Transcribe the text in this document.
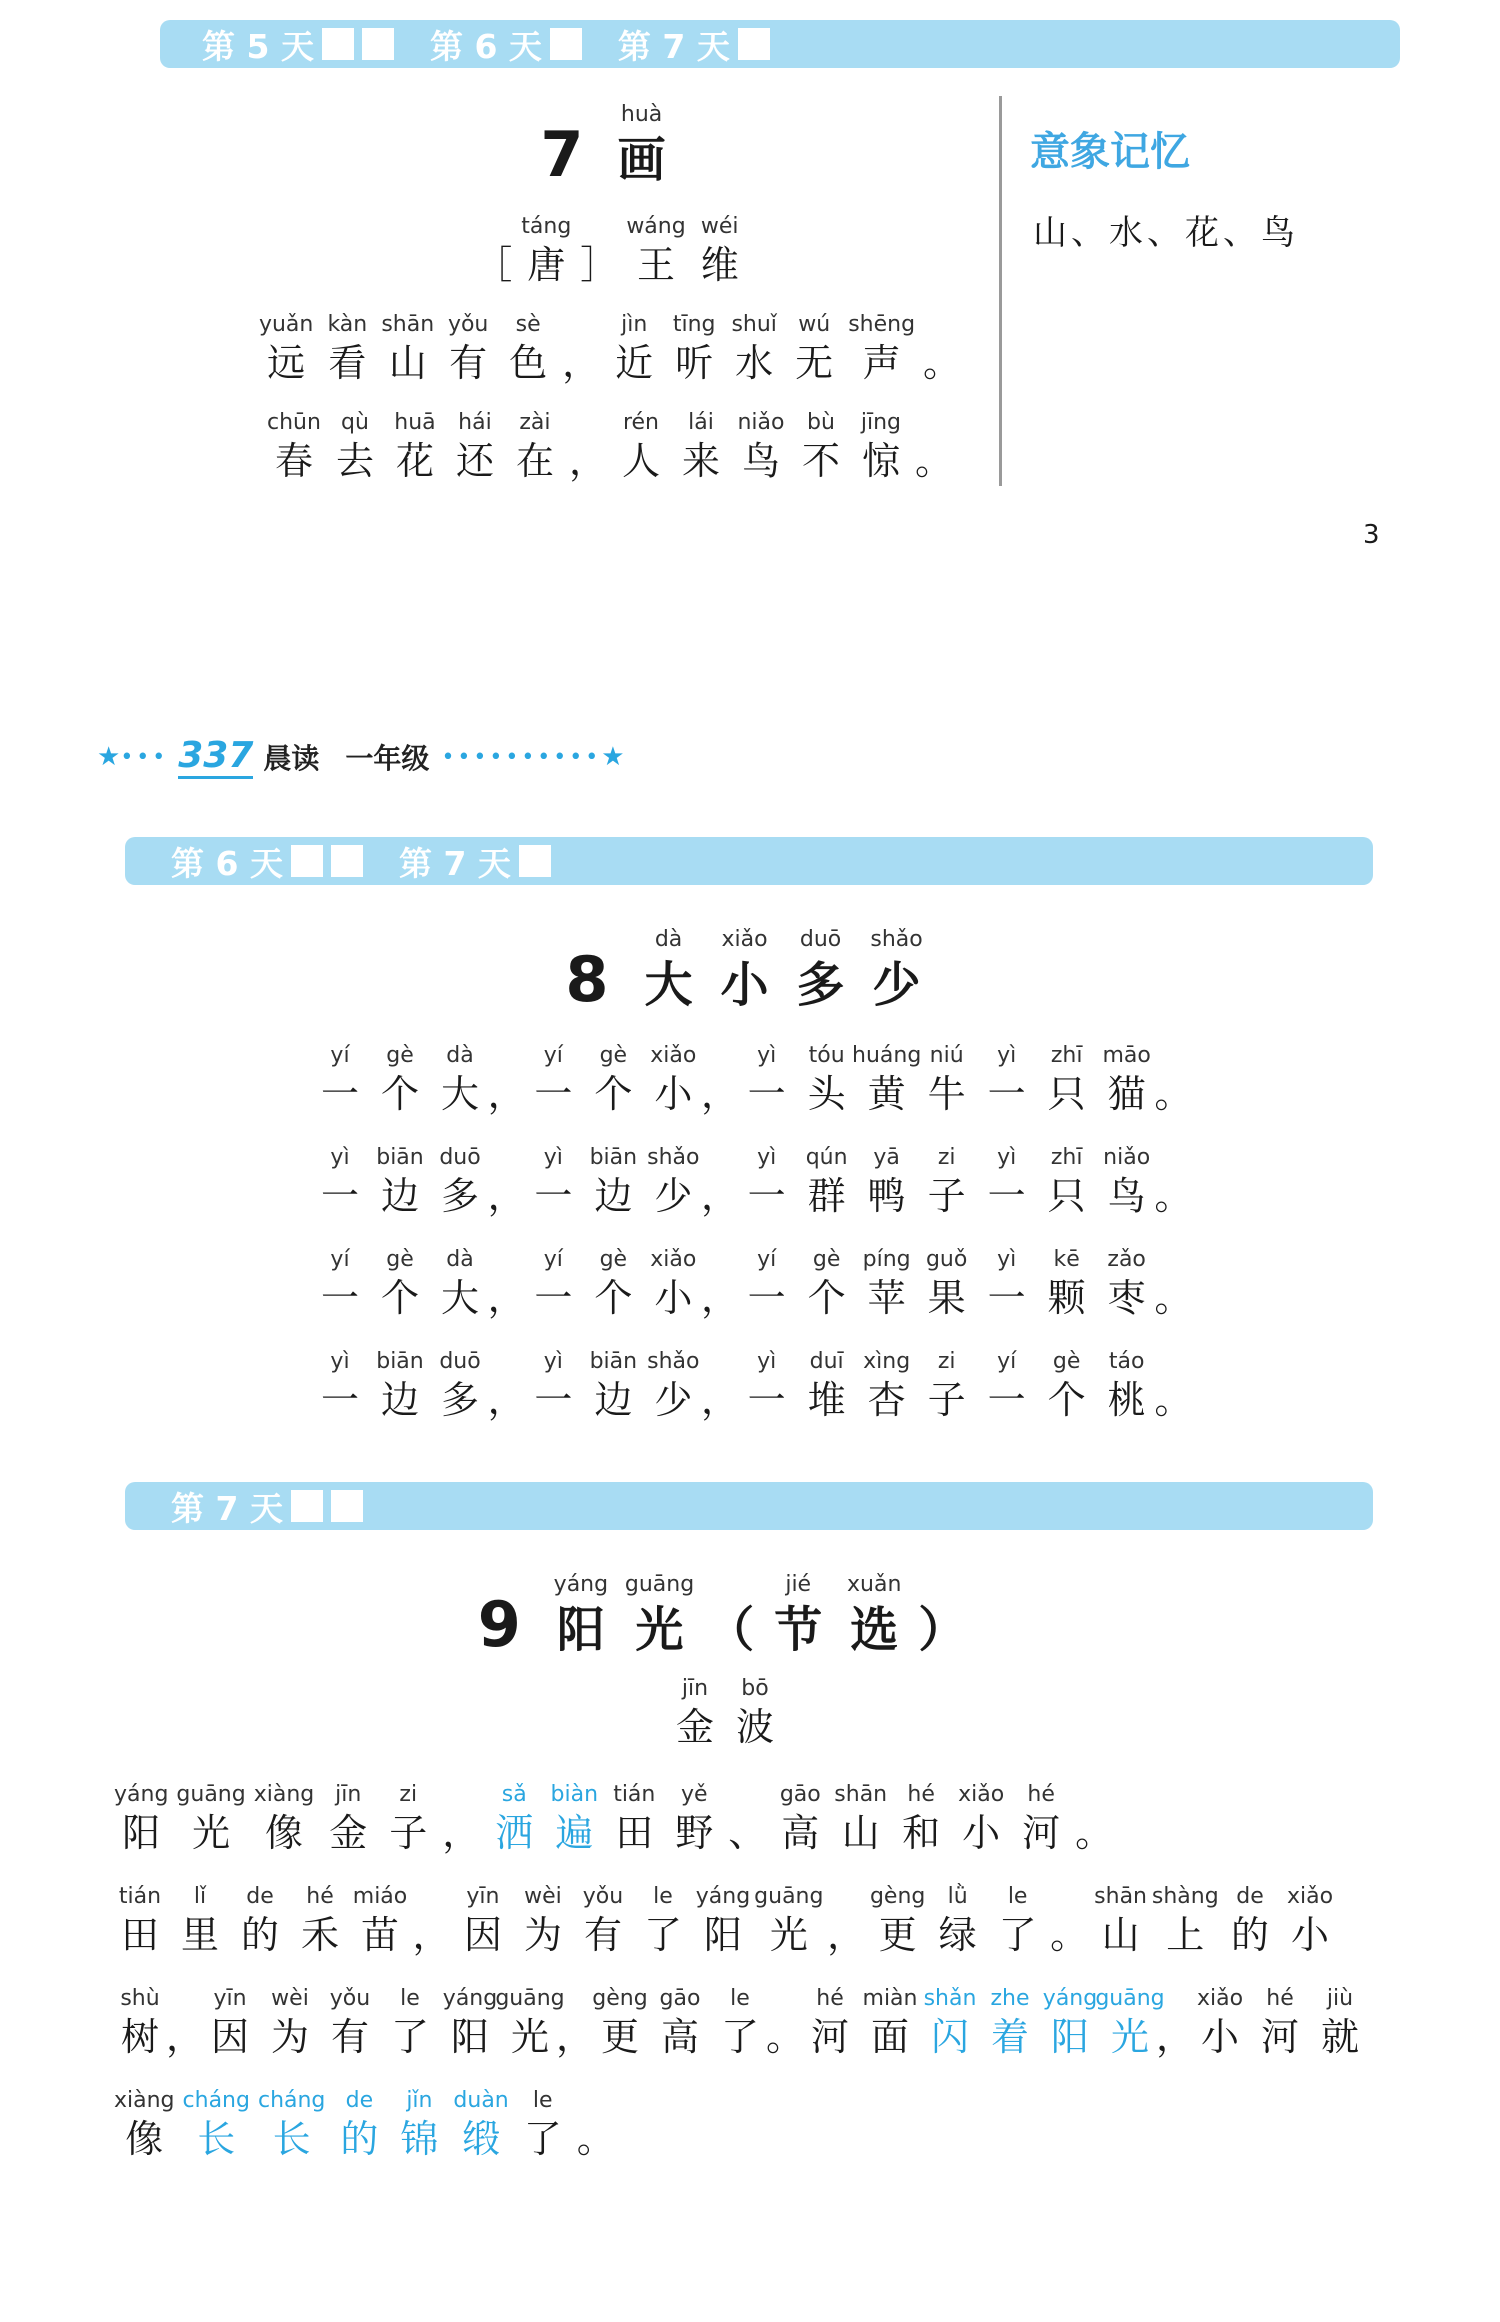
第 5 天	第 6 天 第 7 天
第 6 天	第 7 天
第 7 天
7
huà
画
［
táng
唐 ］
wáng
王
wéi
维
yuǎn
远
kàn
看
shān
山
yǒu
有
sè
色 ，
jìn
近
tīng
听
shuǐ
水
wú
无
shēng
声 。
chūn
春
qù
去
huā
花
hái
还
zài
在 ，
rén
人
lái
来
niǎo
鸟
bù
不
jīng
惊 。
意象记忆
山、水、花、鸟
3
★ ••• 337 晨读 一年级 •••••••••• ★
8
dà
大
xiǎo
小
duō
多
shǎo
少
yí
一
gè
个
dà
大 ，
yí
一
gè
个
xiǎo
小 ，
yì
一
tóu
头
huáng
黄
niú
牛
yì
一
zhī
只
māo
猫 。
yì
一
biān
边
duō
多 ，
yì
一
biān
边
shǎo
少 ，
yì
一
qún
群
yā
鸭
zi
子
yì
一
zhī
只
niǎo
鸟 。
yí
一
gè
个
dà
大 ，
yí
一
gè
个
xiǎo
小 ，
yí
一
gè
个
píng
苹
guǒ
果
yì
一
kē
颗
zǎo
枣 。
yì
一
biān
边
duō
多 ，
yì
一
biān
边
shǎo
少 ，
yì
一
duī
堆
xìng
杏
zi
子
yí
一
gè
个
táo
桃 。
9
yáng
阳
guāng
光 （
jié
节
xuǎn
选 ）
jīn
金
bō
波
yáng
阳
guāng
光
xiàng
像
jīn
金
zi
子 ，
sǎ
洒
biàn
遍
tián
田
yě
野 、
gāo
高
shān
山
hé
和
xiǎo
小
hé
河 。
tián
田
lǐ
里
de
的
hé
禾
miáo
苗 ，
yīn
因
wèi
为
yǒu
有
le
了
yáng
阳
guāng
光 ，
gèng
更
lǜ
绿
le
了 。
shān
山
shàng
上
de
的
xiǎo
小
shù
树 ，
yīn
因
wèi
为
yǒu
有
le
了
yáng
阳
guāng
光 ，
gèng
更
gāo
高
le
了 。
hé
河
miàn
面
shǎn
闪
zhe
着
yáng
阳
guāng
光 ，
xiǎo
小
hé
河
jiù
就
xiàng
像
cháng
长
cháng
长
de
的
jǐn
锦
duàn
缎
le
了 。
